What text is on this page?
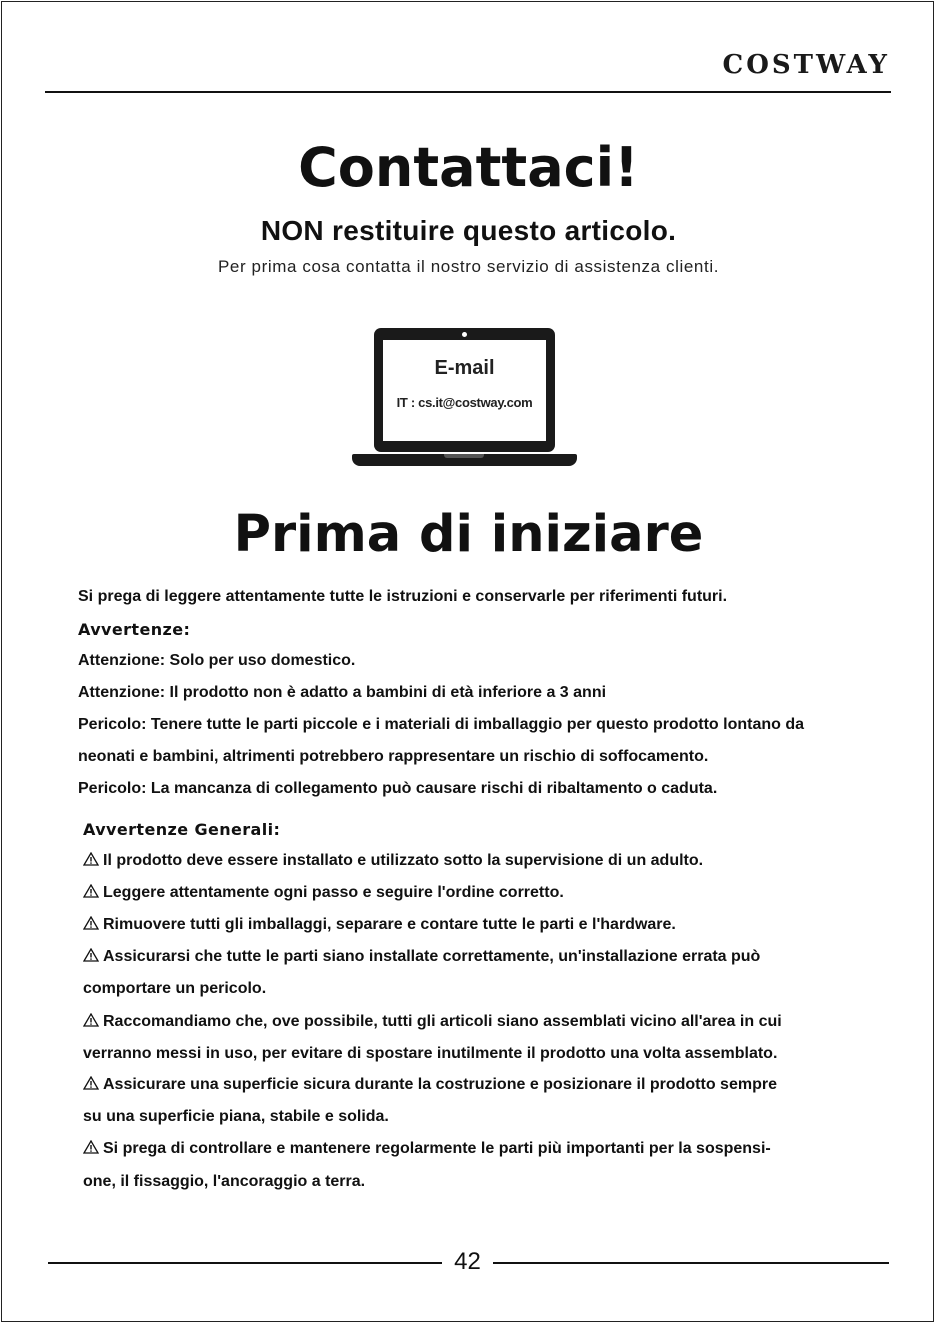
COSTWAY
Contattaci!
NON restituire questo articolo.
Per prima cosa contatta il nostro servizio di assistenza clienti.
E-mail
IT : cs.it@costway.com
Prima di iniziare
Si prega di leggere attentamente tutte le istruzioni e conservarle per riferimenti futuri.
Avvertenze:
Attenzione: Solo per uso domestico.
Attenzione: Il prodotto non è adatto a bambini di età inferiore a 3 anni
Pericolo: Tenere tutte le parti piccole e i materiali di imballaggio per questo prodotto lontano da
neonati e bambini, altrimenti potrebbero rappresentare un rischio di soffocamento.
Pericolo: La mancanza di collegamento può causare rischi di ribaltamento o caduta.
Avvertenze Generali:
Il prodotto deve essere installato e utilizzato sotto la supervisione di un adulto.
Leggere attentamente ogni passo e seguire l'ordine corretto.
Rimuovere tutti gli imballaggi, separare e contare tutte le parti e l'hardware.
Assicurarsi che tutte le parti siano installate correttamente, un'installazione errata può
comportare un pericolo.
Raccomandiamo che, ove possibile, tutti gli articoli siano assemblati vicino all'area in cui
verranno messi in uso, per evitare di spostare inutilmente il prodotto una volta assemblato.
Assicurare una superficie sicura durante la costruzione e posizionare il prodotto sempre
su una superficie piana, stabile e solida.
Si prega di controllare e mantenere regolarmente le parti più importanti per la sospensi-
one, il fissaggio, l'ancoraggio a terra.
42
